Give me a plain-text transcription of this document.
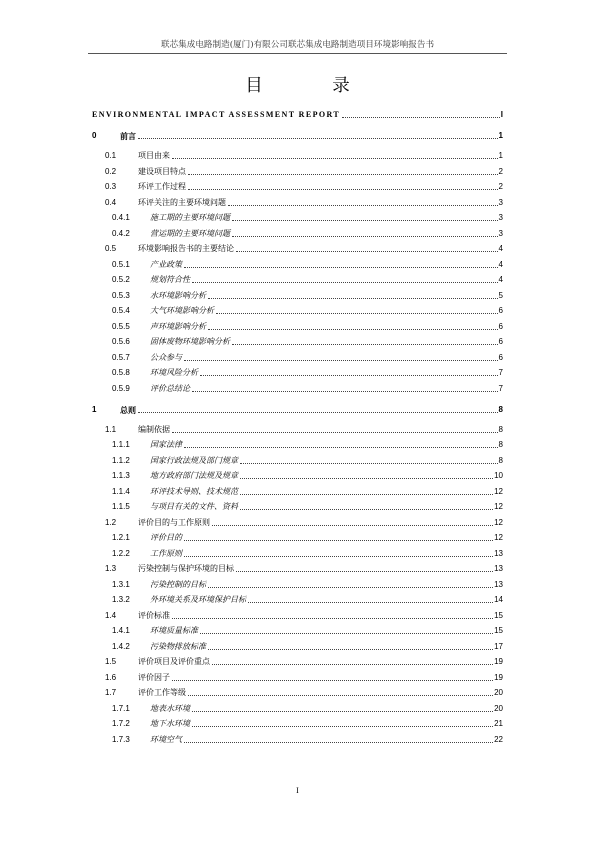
联芯集成电路制造(厦门)有限公司联芯集成电路制造项目环境影响报告书
目　录
ENVIRONMENTAL IMPACT ASSESSMENT REPORT	I
0	前言	1
0.1	项目由来	1
0.2	建设项目特点	2
0.3	环评工作过程	2
0.4	环评关注的主要环境问题	3
0.4.1	施工期的主要环境问题	3
0.4.2	营运期的主要环境问题	3
0.5	环境影响报告书的主要结论	4
0.5.1	产业政策	4
0.5.2	规划符合性	4
0.5.3	水环境影响分析	5
0.5.4	大气环境影响分析	6
0.5.5	声环境影响分析	6
0.5.6	固体废物环境影响分析	6
0.5.7	公众参与	6
0.5.8	环境风险分析	7
0.5.9	评价总结论	7
1	总则	8
1.1	编制依据	8
1.1.1	国家法律	8
1.1.2	国家行政法规及部门规章	8
1.1.3	地方政府部门法规及规章	10
1.1.4	环评技术导则、技术规范	12
1.1.5	与项目有关的文件、资料	12
1.2	评价目的与工作原则	12
1.2.1	评价目的	12
1.2.2	工作原则	13
1.3	污染控制与保护环境的目标	13
1.3.1	污染控制的目标	13
1.3.2	外环境关系及环境保护目标	14
1.4	评价标准	15
1.4.1	环境质量标准	15
1.4.2	污染物排放标准	17
1.5	评价项目及评价重点	19
1.6	评价因子	19
1.7	评价工作等级	20
1.7.1	地表水环境	20
1.7.2	地下水环境	21
1.7.3	环境空气	22
I
